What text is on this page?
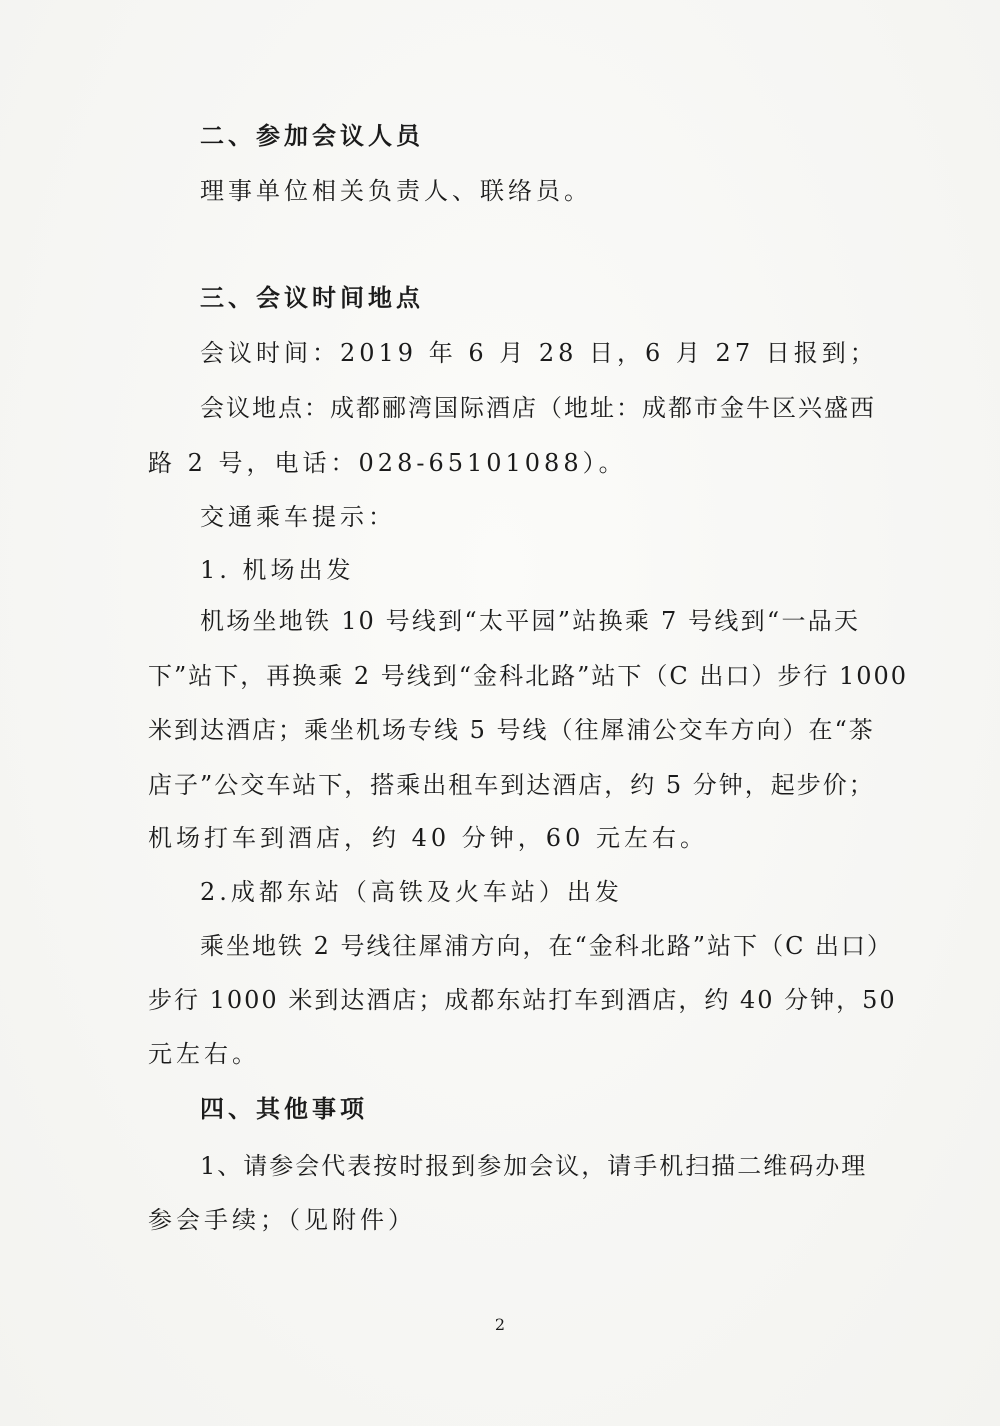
二、参加会议人员
理事单位相关负责人、联络员。
三、会议时间地点
会议时间：2019 年 6 月 28 日，6 月 27 日报到；
会议地点：成都郦湾国际酒店（地址：成都市金牛区兴盛西
路 2 号，电话：028-65101088）。
交通乘车提示：
1. 机场出发
机场坐地铁 10 号线到“太平园”站换乘 7 号线到“一品天
下”站下，再换乘 2 号线到“金科北路”站下（C 出口）步行 1000
米到达酒店；乘坐机场专线 5 号线（往犀浦公交车方向）在“茶
店子”公交车站下，搭乘出租车到达酒店，约 5 分钟，起步价；
机场打车到酒店，约 40 分钟，60 元左右。
2.成都东站（高铁及火车站）出发
乘坐地铁 2 号线往犀浦方向，在“金科北路”站下（C 出口）
步行 1000 米到达酒店；成都东站打车到酒店，约 40 分钟，50
元左右。
四、其他事项
1、请参会代表按时报到参加会议，请手机扫描二维码办理
参会手续；（见附件）
2
